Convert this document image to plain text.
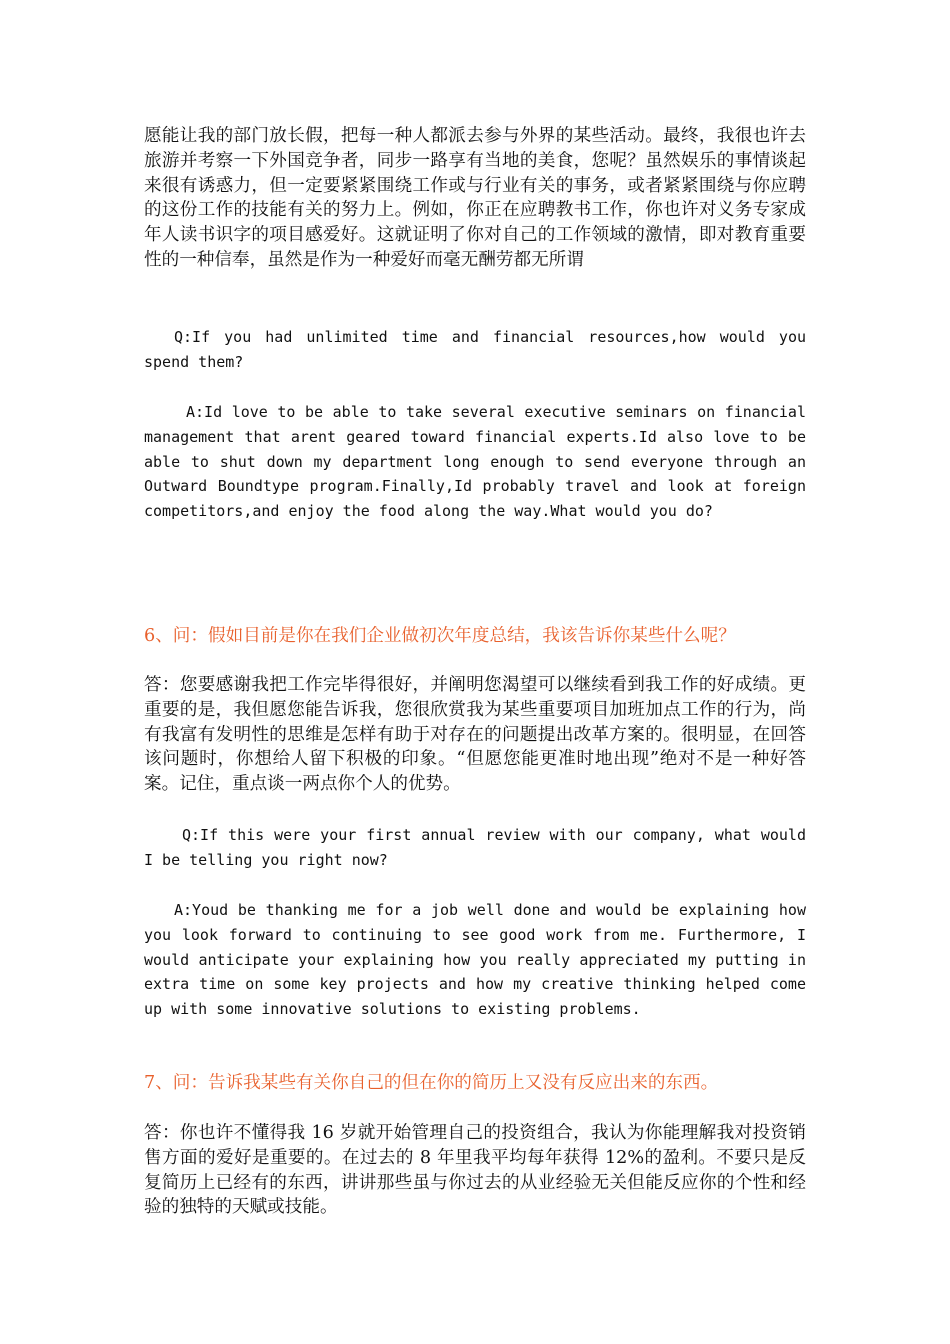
愿能让我的部门放长假，把每一种人都派去参与外界的某些活动。最终，我很也许去旅游并考察一下外国竞争者，同步一路享有当地的美食，您呢？虽然娱乐的事情谈起来很有诱惑力，但一定要紧紧围绕工作或与行业有关的事务，或者紧紧围绕与你应聘的这份工作的技能有关的努力上。例如，你正在应聘教书工作，你也许对义务专家成年人读书识字的项目感爱好。这就证明了你对自己的工作领域的激情，即对教育重要性的一种信奉，虽然是作为一种爱好而毫无酬劳都无所谓

Q:If you had unlimited time and financial resources,how would you spend them?

A:Id love to be able to take several executive seminars on financial management that arent geared toward financial experts.Id also love to be able to shut down my department long enough to send everyone through an Outward Boundtype program.Finally,Id probably travel and look at foreign competitors,and enjoy the food along the way.What would you do?

6、问：假如目前是你在我们企业做初次年度总结，我该告诉你某些什么呢？

答：您要感谢我把工作完毕得很好，并阐明您渴望可以继续看到我工作的好成绩。更重要的是，我但愿您能告诉我，您很欣赏我为某些重要项目加班加点工作的行为，尚有我富有发明性的思维是怎样有助于对存在的问题提出改革方案的。很明显，在回答该问题时，你想给人留下积极的印象。“但愿您能更准时地出现”绝对不是一种好答案。记住，重点谈一两点你个人的优势。

Q:If this were your first annual review with our company, what would I be telling you right now?

A:Youd be thanking me for a job well done and would be explaining how you look forward to continuing to see good work from me. Furthermore, I would anticipate your explaining how you really appreciated my putting in extra time on some key projects and how my creative thinking helped come up with some innovative solutions to existing problems.

7、问：告诉我某些有关你自己的但在你的简历上又没有反应出来的东西。

答：你也许不懂得我 16 岁就开始管理自己的投资组合，我认为你能理解我对投资销售方面的爱好是重要的。在过去的 8 年里我平均每年获得 12%的盈利。不要只是反复简历上已经有的东西，讲讲那些虽与你过去的从业经验无关但能反应你的个性和经验的独特的天赋或技能。
